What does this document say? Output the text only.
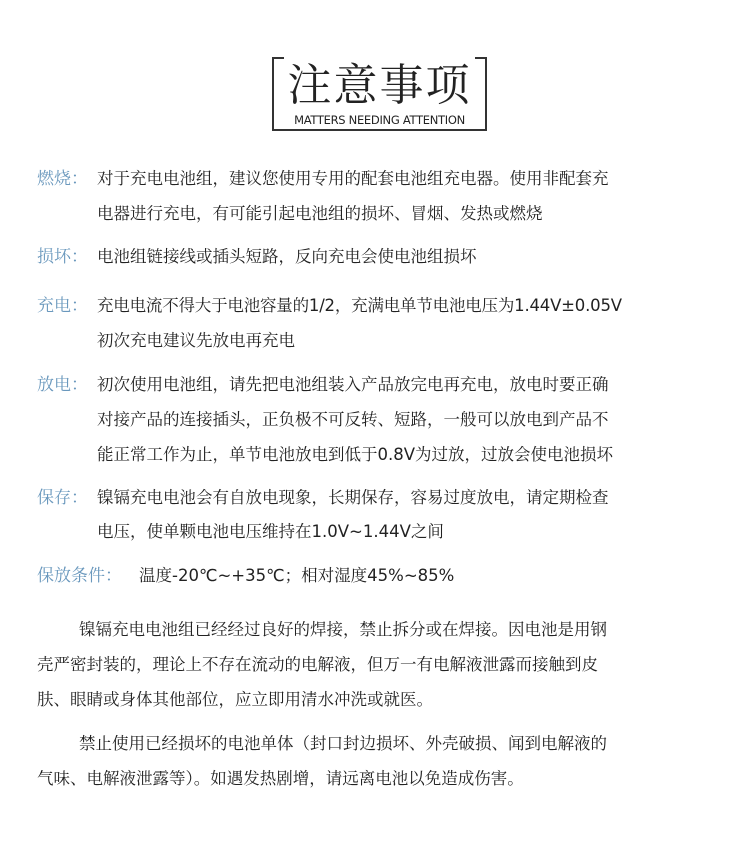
注意事项
MATTERS NEEDING ATTENTION
燃烧： 对于充电电池组，建议您使用专用的配套电池组充电器。使用非配套充
电器进行充电，有可能引起电池组的损坏、冒烟、发热或燃烧
损坏： 电池组链接线或插头短路，反向充电会使电池组损坏
充电： 充电电流不得大于电池容量的1/2，充满电单节电池电压为1.44V±0.05V
初次充电建议先放电再充电
放电： 初次使用电池组，请先把电池组装入产品放完电再充电，放电时要正确
对接产品的连接插头，正负极不可反转、短路，一般可以放电到产品不
能正常工作为止，单节电池放电到低于0.8V为过放，过放会使电池损坏
保存： 镍镉充电电池会有自放电现象，长期保存，容易过度放电，请定期检查
电压，使单颗电池电压维持在1.0V~1.44V之间
保放条件： 温度-20℃~+35℃；相对湿度45%~85%
镍镉充电电池组已经经过良好的焊接，禁止拆分或在焊接。因电池是用钢
壳严密封装的，理论上不存在流动的电解液，但万一有电解液泄露而接触到皮
肤、眼睛或身体其他部位，应立即用清水冲洗或就医。
禁止使用已经损坏的电池单体（封口封边损坏、外壳破损、闻到电解液的
气味、电解液泄露等）。如遇发热剧增，请远离电池以免造成伤害。
